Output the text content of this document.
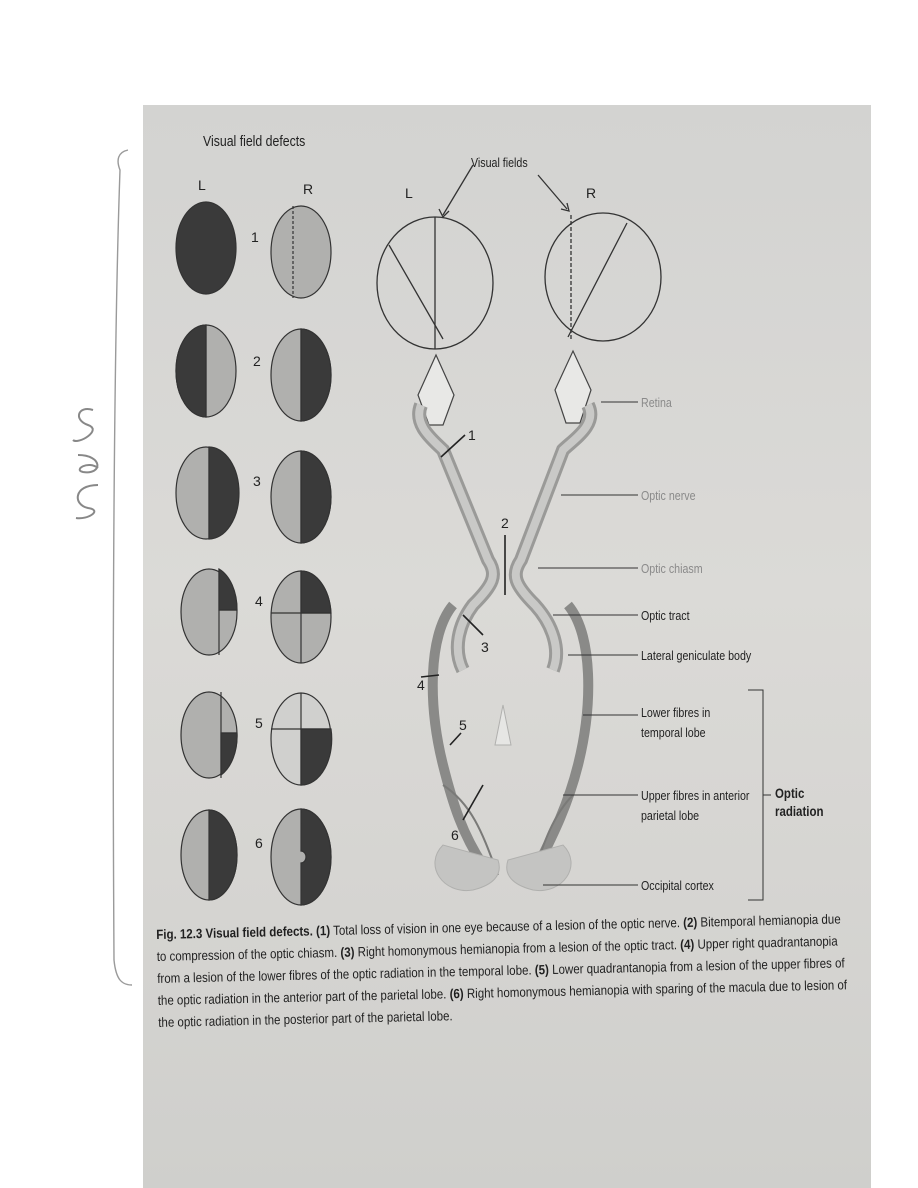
Visual field defects
L	R
1
2
3
4
5
6
Visual fields
L	R
1
2
3
4
5
6
Retina
Optic nerve
Optic chiasm
Optic tract
Lateral geniculate body
Lower fibres in
temporal lobe
Upper fibres in anterior
parietal lobe
Occipital cortex
Optic
radiation
Fig. 12.3 Visual field defects. (1) Total loss of vision in one eye because of a lesion of the optic nerve. (2) Bitemporal hemianopia due to compression of the optic chiasm. (3) Right homonymous hemianopia from a lesion of the optic tract. (4) Upper right quadrantanopia from a lesion of the lower fibres of the optic radiation in the temporal lobe. (5) Lower quadrantanopia from a lesion of the upper fibres of the optic radiation in the anterior part of the parietal lobe. (6) Right homonymous hemianopia with sparing of the macula due to lesion of the optic radiation in the posterior part of the parietal lobe.
